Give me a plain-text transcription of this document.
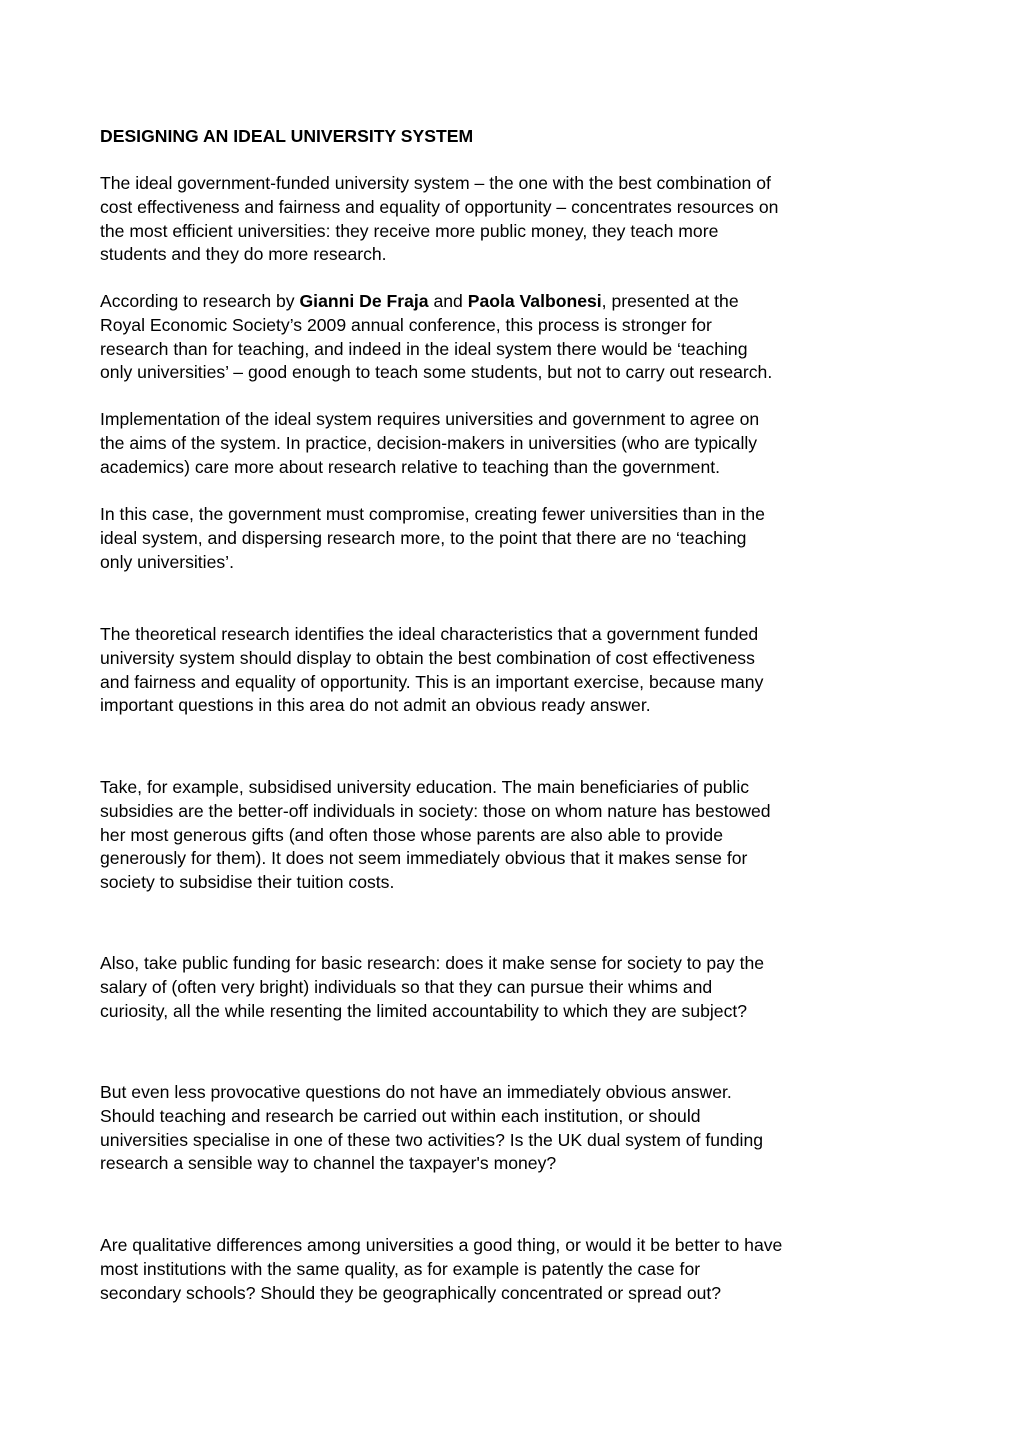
DESIGNING AN IDEAL UNIVERSITY SYSTEM

The ideal government-funded university system – the one with the best combination of
cost effectiveness and fairness and equality of opportunity – concentrates resources on
the most efficient universities: they receive more public money, they teach more
students and they do more research.

According to research by Gianni De Fraja and Paola Valbonesi, presented at the
Royal Economic Society’s 2009 annual conference, this process is stronger for
research than for teaching, and indeed in the ideal system there would be ‘teaching
only universities’ – good enough to teach some students, but not to carry out research.

Implementation of the ideal system requires universities and government to agree on
the aims of the system. In practice, decision-makers in universities (who are typically
academics) care more about research relative to teaching than the government.

In this case, the government must compromise, creating fewer universities than in the
ideal system, and dispersing research more, to the point that there are no ‘teaching
only universities’.

The theoretical research identifies the ideal characteristics that a government funded
university system should display to obtain the best combination of cost effectiveness
and fairness and equality of opportunity. This is an important exercise, because many
important questions in this area do not admit an obvious ready answer.

Take, for example, subsidised university education. The main beneficiaries of public
subsidies are the better-off individuals in society: those on whom nature has bestowed
her most generous gifts (and often those whose parents are also able to provide
generously for them). It does not seem immediately obvious that it makes sense for
society to subsidise their tuition costs.

Also, take public funding for basic research: does it make sense for society to pay the
salary of (often very bright) individuals so that they can pursue their whims and
curiosity, all the while resenting the limited accountability to which they are subject?

But even less provocative questions do not have an immediately obvious answer.
Should teaching and research be carried out within each institution, or should
universities specialise in one of these two activities? Is the UK dual system of funding
research a sensible way to channel the taxpayer's money?

Are qualitative differences among universities a good thing, or would it be better to have
most institutions with the same quality, as for example is patently the case for
secondary schools? Should they be geographically concentrated or spread out?
